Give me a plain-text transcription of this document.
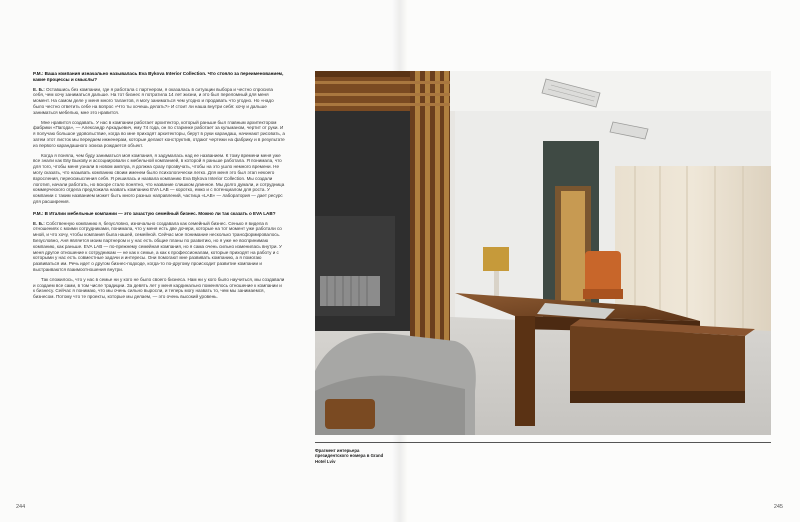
P.M.: Ваша компания изначально называлась Eva Bykova Interior Collection. Что стояло за переименованием, какие процессы и смыслы?

Е. Б.: Оставшись без компании, где я работала с партнером, я оказалась в ситуации выбора и честно спросила себя, чем хочу заниматься дальше. На тот бизнес я потратила 14 лет жизни, и это был переломный для меня момент. На самом деле у меня много талантов, я могу заниматься чем угодно и продавать что угодно. Но «надо было честно ответить себе на вопрос «Что ты хочешь делать?» И стоит ли наша внутри себя: хочу и дальше заниматься мебелью, мне это нравится.

Мне нравится создавать. У нас в компании работает архитектор, который раньше был главным архитектором фабрики «Пагода», — Александр Аркадьевич, ему 74 года, он по старинке работает за кульманом, чертит от руки. И я получаю большое удовольствие, когда во мне приходят архитекторы, берут в руки карандаш, начинают рисовать, а затем этот листок мы передаем инженерам, которые делают конструктив, отдают чертежи на фабрику и в результате из первого карандашного эскиза рождается объект.

Когда я поняла, чем буду заниматься моя компания, я задумалась над ее названием. К тому времени меня уже все знали как Еву Быкову и ассоциировали с мебельной компанией, в которой я раньше работала. Я понимала, что для того, чтобы меня узнали в новом амплуа, я должна сразу прозвучать, чтобы на это ушло немного времени. Не могу сказать, что называть компанию своим именем было психологически легко. Для меня это был этап некоего взросления, переосмысления себя. Я решилась и назвала компанию Eva Bykova Interior Collection. Мы создали логотип, начали работать, но вскоре стало понятно, что название слишком длинное. Мы долго думали, и сотрудница коммерческого отдела предложила назвать компанию EVA LAB — коротко, емко и с потенциалом для роста. У компании с таким названием может быть много разных направлений, частица «LAB» — лаборатория — дает ресурс для расширения.

P.M.: В Италии мебельные компании — это зачастую семейный бизнес. Можно ли так сказать о EVA LAB?

Е. Б.: Собственную компанию я, безусловно, изначально создавала как семейный бизнес. Сенько я видела в отношениях с моими сотрудниками, понимала, что у меня есть две дочери, которые на тот момент уже работали со мной, и что хочу, чтобы компания была нашей, семейной. Сейчас мое понимание несколько трансформировалось. Безусловно, Аня является моим партнером и у нас есть общие планы по развитию, но я уже не воспринимаю компанию, как раньше. EVA LAB — по-прежнему семейная компания, но я сама очень сильно изменилась внутри. У меня другое отношение к сотрудникам — не как к семье, а как к профессионалам, которые приходят на работу и с которыми у нас есть совместные задачи и интересы. Они помогают мне развивать компанию, а я помогаю развиваться им. Речь идет о другом бизнес-подходе, когда-то по-другому происходит развитие компании и выстраиваются взаимоотношения внутри.

Так сложилось, что у нас в семье ни у кого не было своего бизнеса. Нам ни у кого было научиться, мы создавали и создаем все сами, в том числе традиции. За девять лет у меня кардинально поменялось отношение к компании и к бизнесу. Сейчас я понимаю, что мы очень сильно выросли, и теперь могу назвать то, чем мы занимаемся, бизнесом. Потому что те проекты, которые мы делаем, — это очень высокий уровень.

244	245
Фрагмент интерьера президентского номера в Grand Hotel Lviv
